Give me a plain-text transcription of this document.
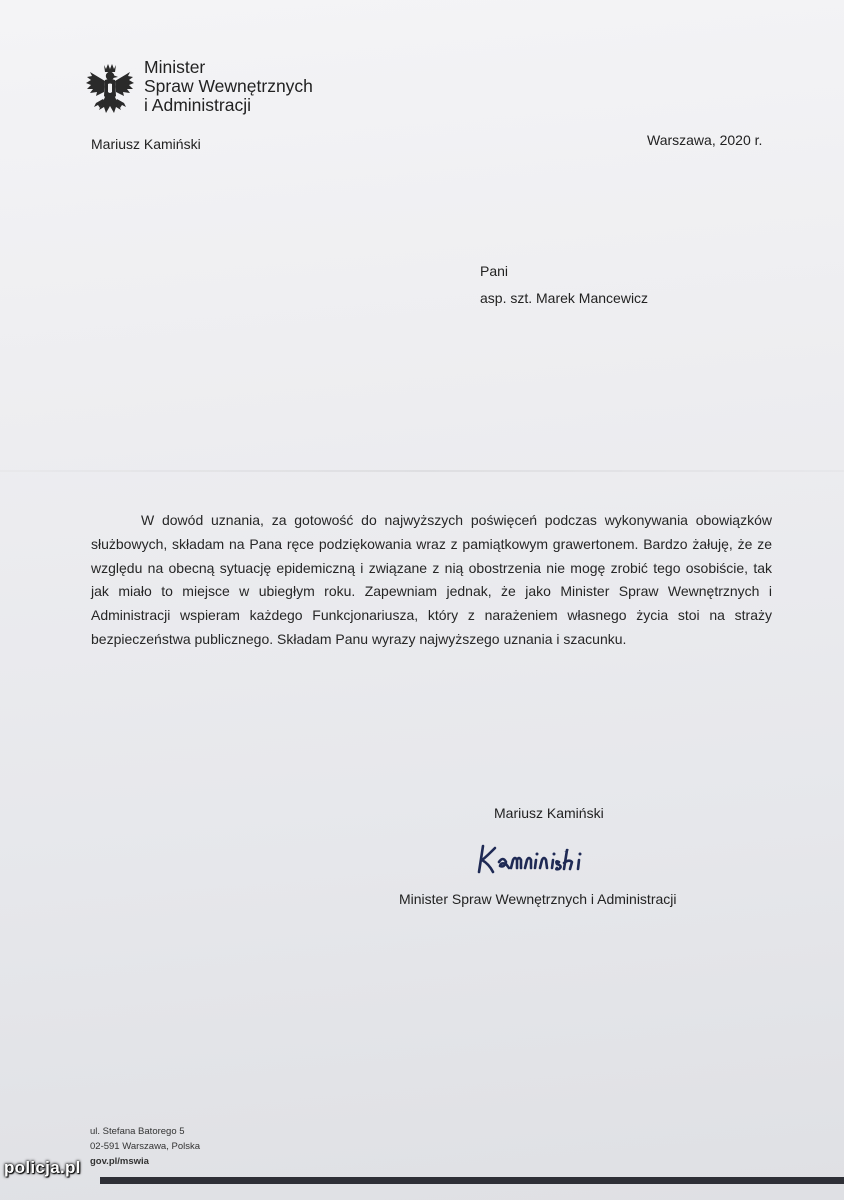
Minister
Spraw Wewnętrznych
i Administracji
Mariusz Kamiński	Warszawa, 2020 r.
Pani
asp. szt. Marek Mancewicz

W dowód uznania, za gotowość do najwyższych poświęceń podczas wykonywania obowiązków służbowych, składam na Pana ręce podziękowania wraz z pamiątkowym grawertonem. Bardzo żałuję, że ze względu na obecną sytuację epidemiczną i związane z nią obostrzenia nie mogę zrobić tego osobiście, tak jak miało to miejsce w ubiegłym roku. Zapewniam jednak, że jako Minister Spraw Wewnętrznych i Administracji wspieram każdego Funkcjonariusza, który z narażeniem własnego życia stoi na straży bezpieczeństwa publicznego. Składam Panu wyrazy najwyższego uznania i szacunku.

Mariusz Kamiński
Minister Spraw Wewnętrznych i Administracji
ul. Stefana Batorego 5
02-591 Warszawa, Polska
gov.pl/mswia
policja.pl
